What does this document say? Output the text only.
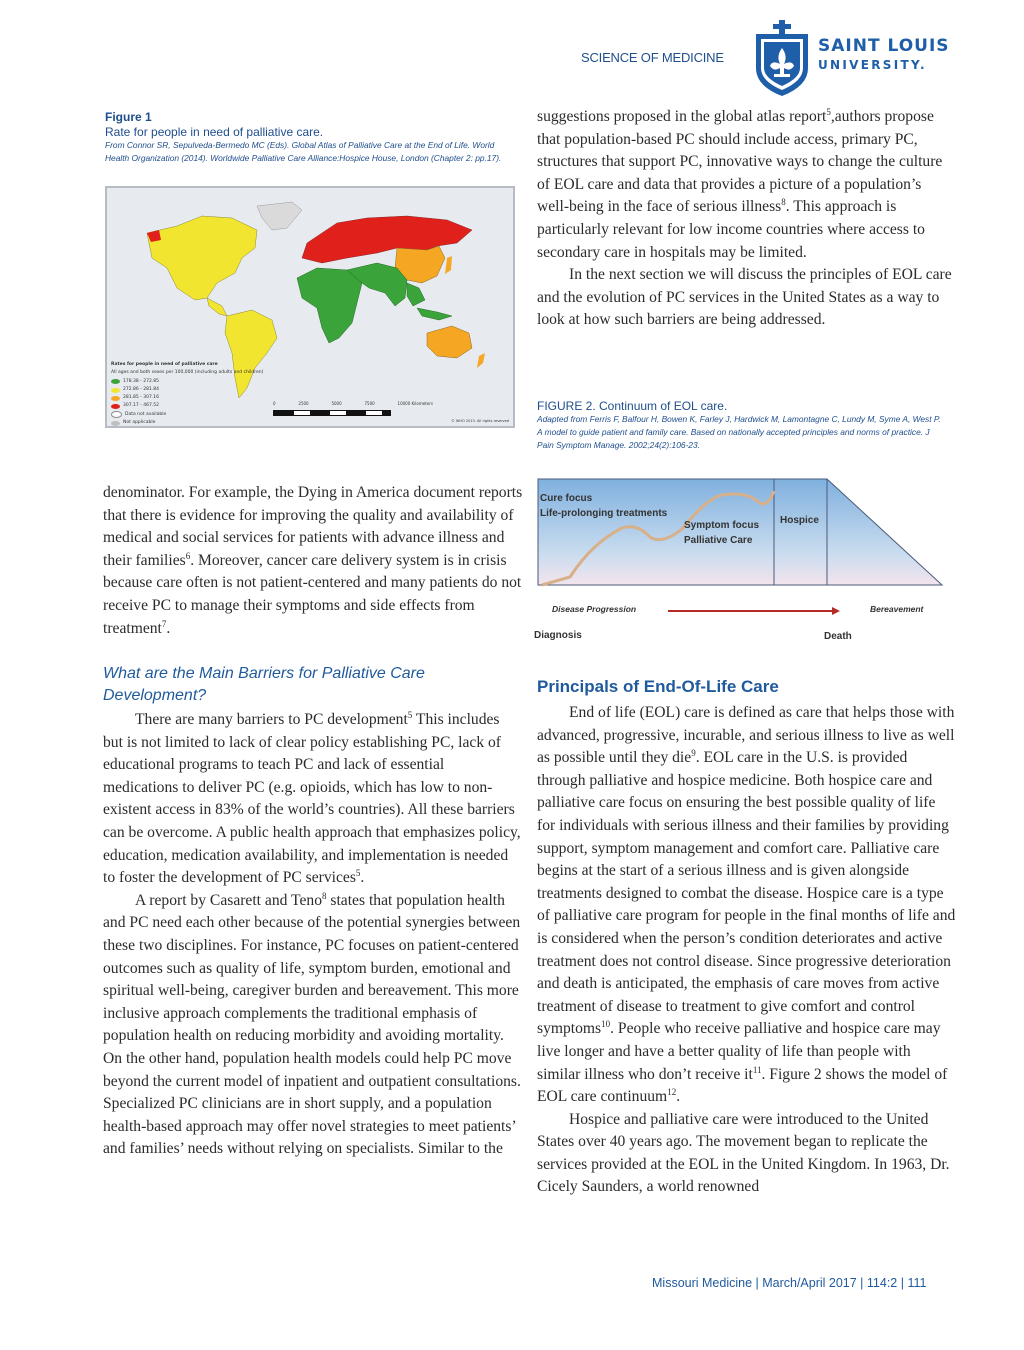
SCIENCE OF MEDICINE
SAINT LOUIS
UNIVERSITY.
Figure 1
Rate for people in need of palliative care.
From Connor SR, Sepulveda-Bermedo MC (Eds). Global Atlas of Palliative Care at the End of Life. World Health Organization (2014). Worldwide Palliative Care Alliance:Hospice House, London (Chapter 2: pp.17).
Rates for people in need of palliative care
All ages and both sexes per 100,000 (including adults and children)
178.38 - 272.85
272.86 - 281.84
281.85 - 307.16
307.17 - 467.52
Data not available
Not applicable
0	2500	5000	7500	10000 Kilometers
© WHO 2013. All rights reserved

suggestions proposed in the global atlas report$^5$,authors propose that population-based PC should include access, primary PC, structures that support PC, innovative ways to change the culture of EOL care and data that provides a picture of a population’s well-being in the face of serious illness$^8$. This approach is particularly relevant for low income countries where access to secondary care in hospitals may be limited.

In the next section we will discuss the principles of EOL care and the evolution of PC services in the United States as a way to look at how such barriers are being addressed.

FIGURE 2. Continuum of EOL care.
Adapted from Ferris F, Balfour H, Bowen K, Farley J, Hardwick M, Lamontagne C, Lundy M, Syme A, West P. A model to guide patient and family care. Based on nationally accepted principles and norms of practice. J Pain Symptom Manage. 2002;24(2):106-23.
Cure focus
Life-prolonging treatments
Symptom focus
Palliative Care
Hospice
Disease Progression	Bereavement
Diagnosis	Death

denominator. For example, the Dying in America document reports that there is evidence for improving the quality and availability of medical and social services for patients with advance illness and their families$^6$. Moreover, cancer care delivery system is in crisis because care often is not patient-centered and many patients do not receive PC to manage their symptoms and side effects from treatment$^7$.

What are the Main Barriers for Palliative Care Development?

There are many barriers to PC development$^5$ This includes but is not limited to lack of clear policy establishing PC, lack of educational programs to teach PC and lack of essential medications to deliver PC (e.g. opioids, which has low to non-existent access in 83% of the world’s countries). All these barriers can be overcome. A public health approach that emphasizes policy, education, medication availability, and implementation is needed to foster the development of PC services$^5$.

A report by Casarett and Teno$^8$ states that population health and PC need each other because of the potential synergies between these two disciplines. For instance, PC focuses on patient-centered outcomes such as quality of life, symptom burden, emotional and spiritual well-being, caregiver burden and bereavement. This more inclusive approach complements the traditional emphasis of population health on reducing morbidity and avoiding mortality. On the other hand, population health models could help PC move beyond the current model of inpatient and outpatient consultations. Specialized PC clinicians are in short supply, and a population health-based approach may offer novel strategies to meet patients’ and families’ needs without relying on specialists. Similar to the

Principals of End-Of-Life Care

End of life (EOL) care is defined as care that helps those with advanced, progressive, incurable, and serious illness to live as well as possible until they die$^9$. EOL care in the U.S. is provided through palliative and hospice medicine. Both hospice care and palliative care focus on ensuring the best possible quality of life for individuals with serious illness and their families by providing support, symptom management and comfort care. Palliative care begins at the start of a serious illness and is given alongside treatments designed to combat the disease. Hospice care is a type of palliative care program for people in the final months of life and is considered when the person’s condition deteriorates and active treatment does not control disease. Since progressive deterioration and death is anticipated, the emphasis of care moves from active treatment of disease to treatment to give comfort and control symptoms$^{10}$. People who receive palliative and hospice care may live longer and have a better quality of life than people with similar illness who don’t receive $it^{11}$. Figure 2 shows the model of EOL care continuum$^{12}$.

Hospice and palliative care were introduced to the United States over 40 years ago. The movement began to replicate the services provided at the EOL in the United Kingdom. In 1963, Dr. Cicely Saunders, a world renowned

Missouri Medicine | March/April 2017 | 114:2 | 111
